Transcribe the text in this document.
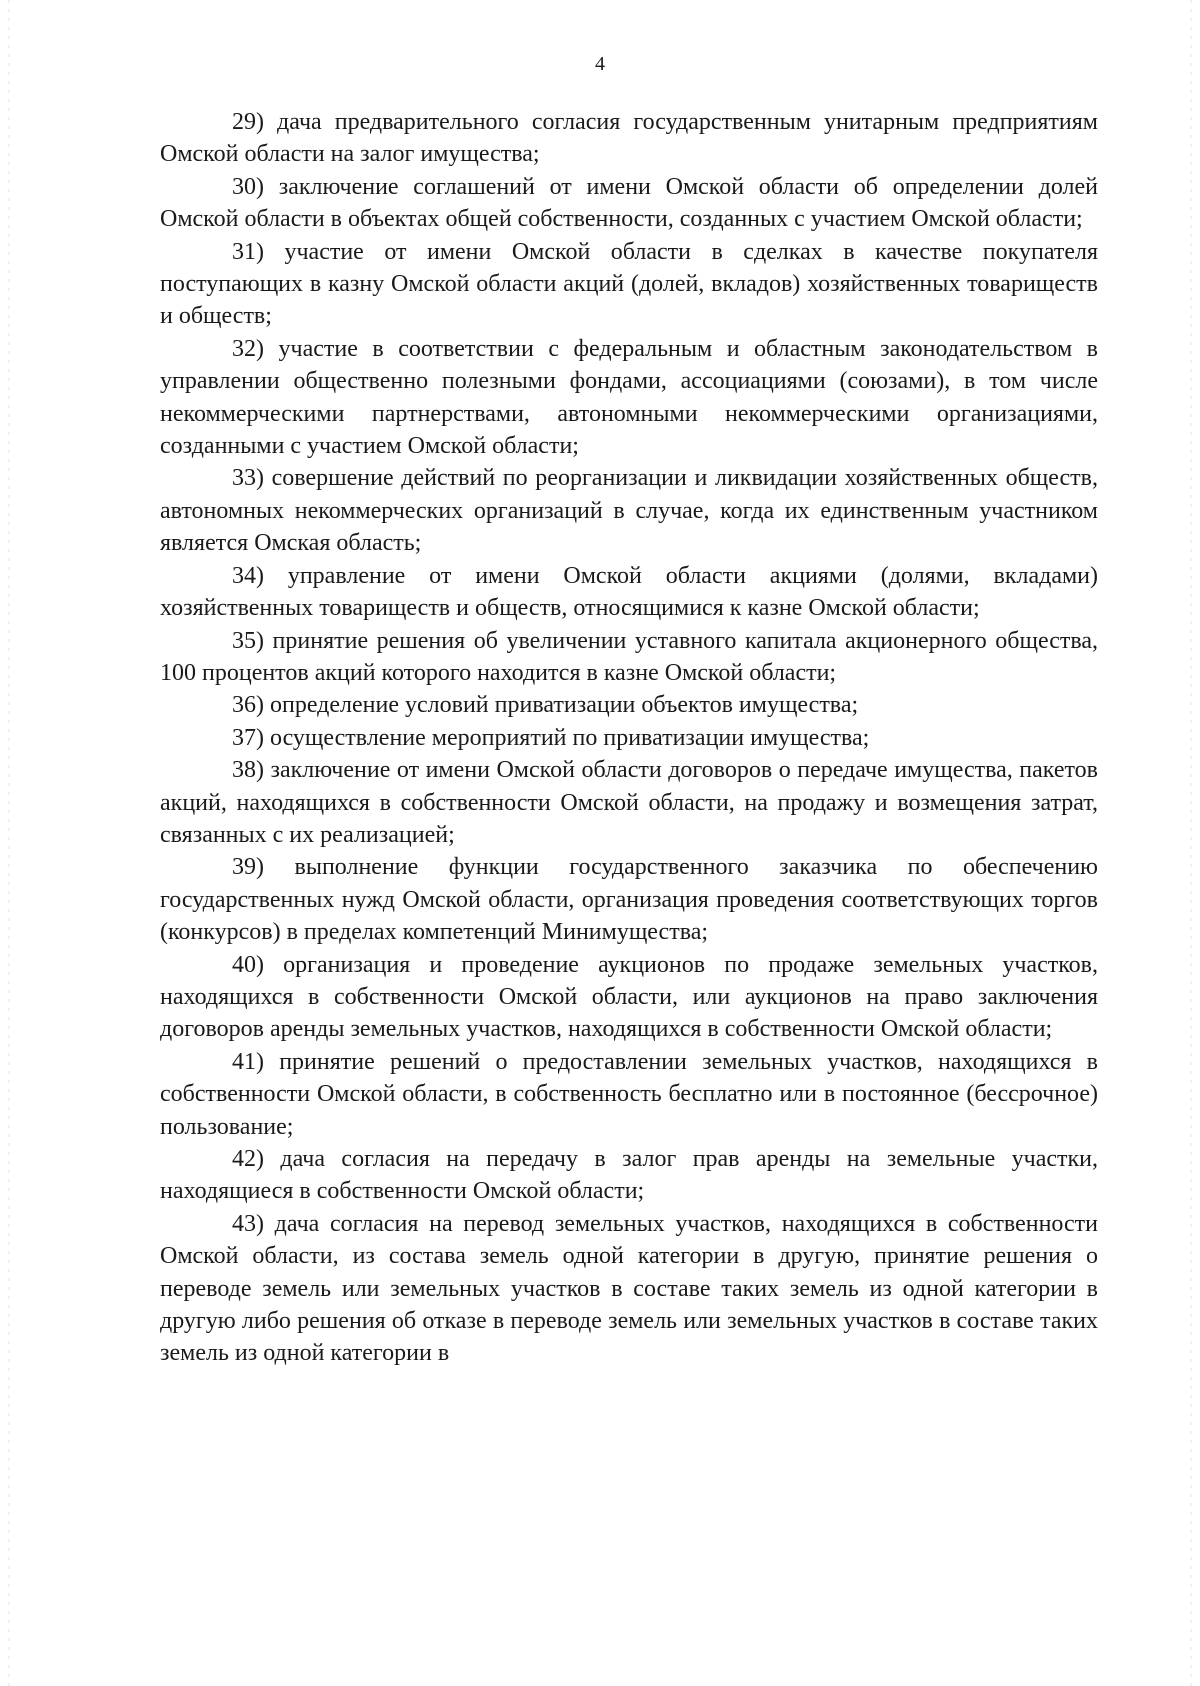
4

29) дача предварительного согласия государственным унитарным предприятиям Омской области на залог имущества;

30) заключение соглашений от имени Омской области об определении долей Омской области в объектах общей собственности, созданных с участием Омской области;

31) участие от имени Омской области в сделках в качестве покупателя поступающих в казну Омской области акций (долей, вкладов) хозяйственных товариществ и обществ;

32) участие в соответствии с федеральным и областным законодательством в управлении общественно полезными фондами, ассоциациями (союзами), в том числе некоммерческими партнерствами, автономными некоммерческими организациями, созданными с участием Омской области;

33) совершение действий по реорганизации и ликвидации хозяйственных обществ, автономных некоммерческих организаций в случае, когда их единственным участником является Омская область;

34) управление от имени Омской области акциями (долями, вкладами) хозяйственных товариществ и обществ, относящимися к казне Омской области;

35) принятие решения об увеличении уставного капитала акционерного общества, 100 процентов акций которого находится в казне Омской области;

36) определение условий приватизации объектов имущества;

37) осуществление мероприятий по приватизации имущества;

38) заключение от имени Омской области договоров о передаче имущества, пакетов акций, находящихся в собственности Омской области, на продажу и возмещения затрат, связанных с их реализацией;

39) выполнение функции государственного заказчика по обеспечению государственных нужд Омской области, организация проведения соответствующих торгов (конкурсов) в пределах компетенций Минимущества;

40) организация и проведение аукционов по продаже земельных участков, находящихся в собственности Омской области, или аукционов на право заключения договоров аренды земельных участков, находящихся в собственности Омской области;

41) принятие решений о предоставлении земельных участков, находящихся в собственности Омской области, в собственность бесплатно или в постоянное (бессрочное) пользование;

42) дача согласия на передачу в залог прав аренды на земельные участки, находящиеся в собственности Омской области;

43) дача согласия на перевод земельных участков, находящихся в собственности Омской области, из состава земель одной категории в другую, принятие решения о переводе земель или земельных участков в составе таких земель из одной категории в другую либо решения об отказе в переводе земель или земельных участков в составе таких земель из одной категории в
